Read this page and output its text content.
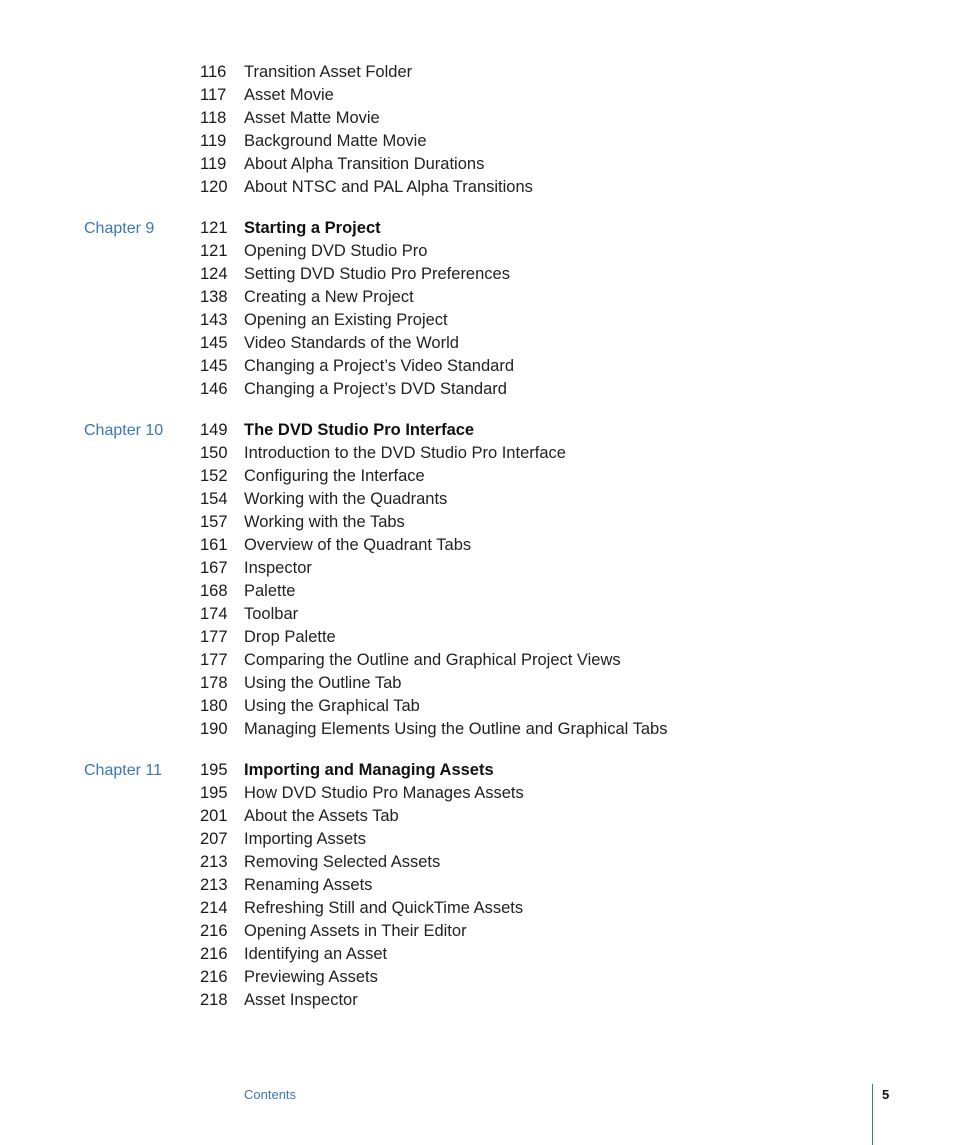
116 Transition Asset Folder
117 Asset Movie
118 Asset Matte Movie
119 Background Matte Movie
119 About Alpha Transition Durations
120 About NTSC and PAL Alpha Transitions
Chapter 9	121 Starting a Project
121 Opening DVD Studio Pro
124 Setting DVD Studio Pro Preferences
138 Creating a New Project
143 Opening an Existing Project
145 Video Standards of the World
145 Changing a Project’s Video Standard
146 Changing a Project’s DVD Standard
Chapter 10 149 The DVD Studio Pro Interface
150 Introduction to the DVD Studio Pro Interface
152 Configuring the Interface
154 Working with the Quadrants
157 Working with the Tabs
161 Overview of the Quadrant Tabs
167 Inspector
168 Palette
174 Toolbar
177 Drop Palette
177 Comparing the Outline and Graphical Project Views
178 Using the Outline Tab
180 Using the Graphical Tab
190 Managing Elements Using the Outline and Graphical Tabs
Chapter 11 195 Importing and Managing Assets
195 How DVD Studio Pro Manages Assets
201 About the Assets Tab
207 Importing Assets
213 Removing Selected Assets
213 Renaming Assets
214 Refreshing Still and QuickTime Assets
216 Opening Assets in Their Editor
216 Identifying an Asset
216 Previewing Assets
218 Asset Inspector
Contents	5
